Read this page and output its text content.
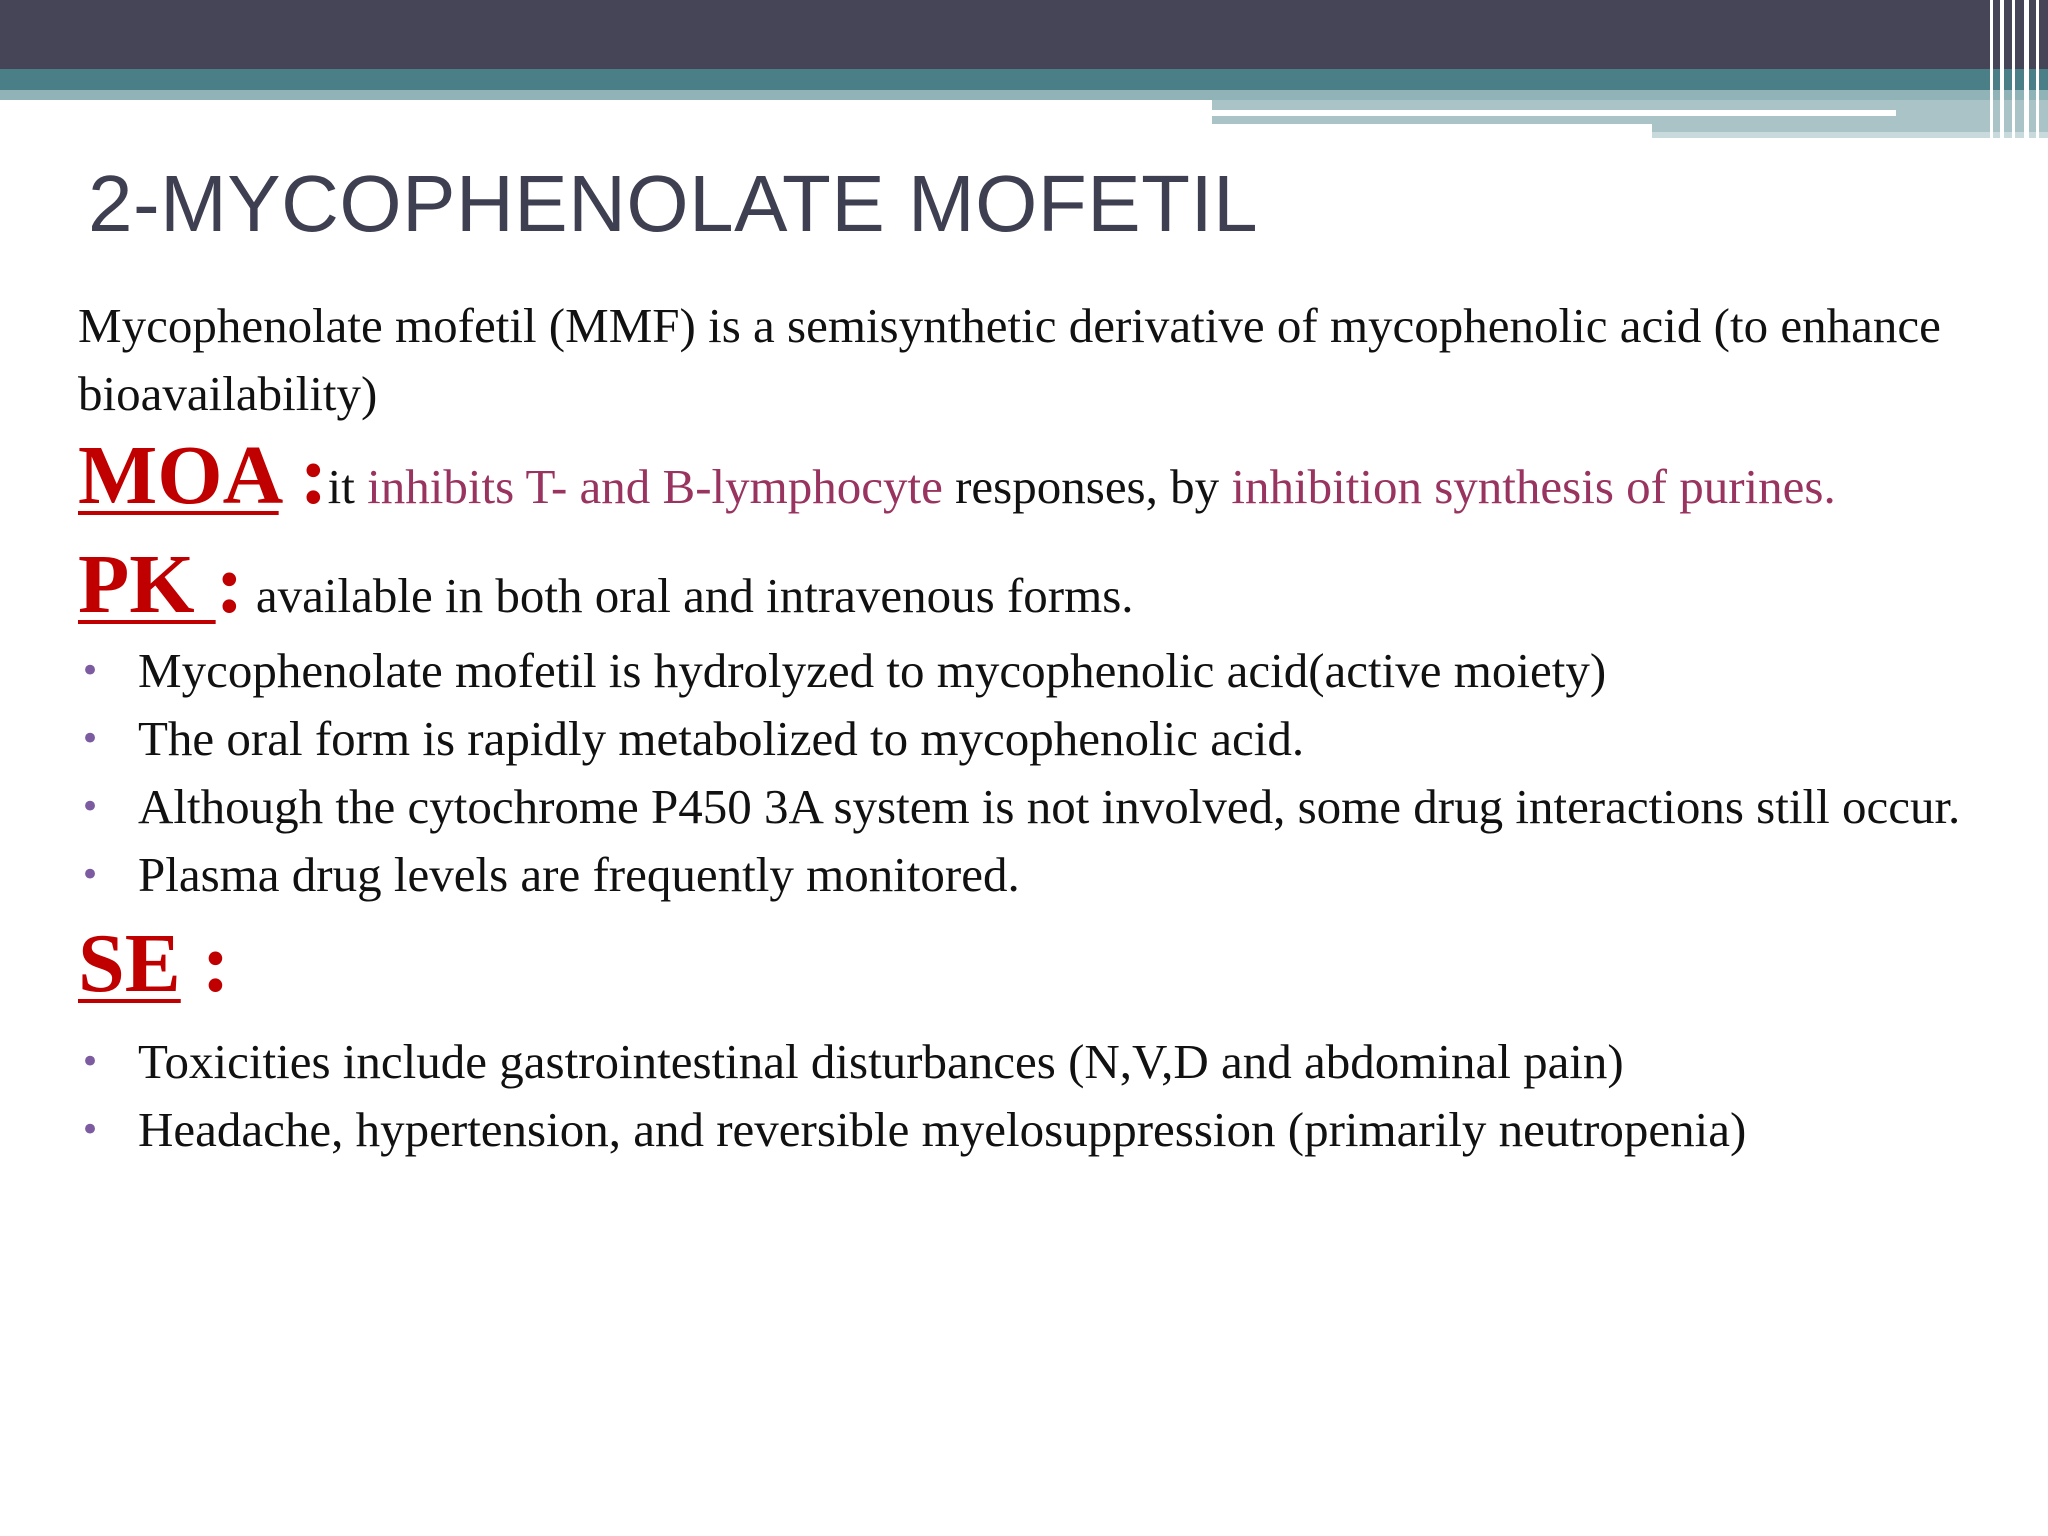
2-MYCOPHENOLATE MOFETIL

Mycophenolate mofetil (MMF) is a semisynthetic derivative of mycophenolic acid (to enhance bioavailability)

MOA :it inhibits T- and B-lymphocyte responses, by inhibition synthesis of purines.

PK : available in both oral and intravenous forms.

• Mycophenolate mofetil is hydrolyzed to mycophenolic acid(active moiety)
• The oral form is rapidly metabolized to mycophenolic acid.
• Although the cytochrome P450 3A system is not involved, some drug interactions still occur.
• Plasma drug levels are frequently monitored.

SE :

• Toxicities include gastrointestinal disturbances (N,V,D and abdominal pain)
• Headache, hypertension, and reversible myelosuppression (primarily neutropenia)
